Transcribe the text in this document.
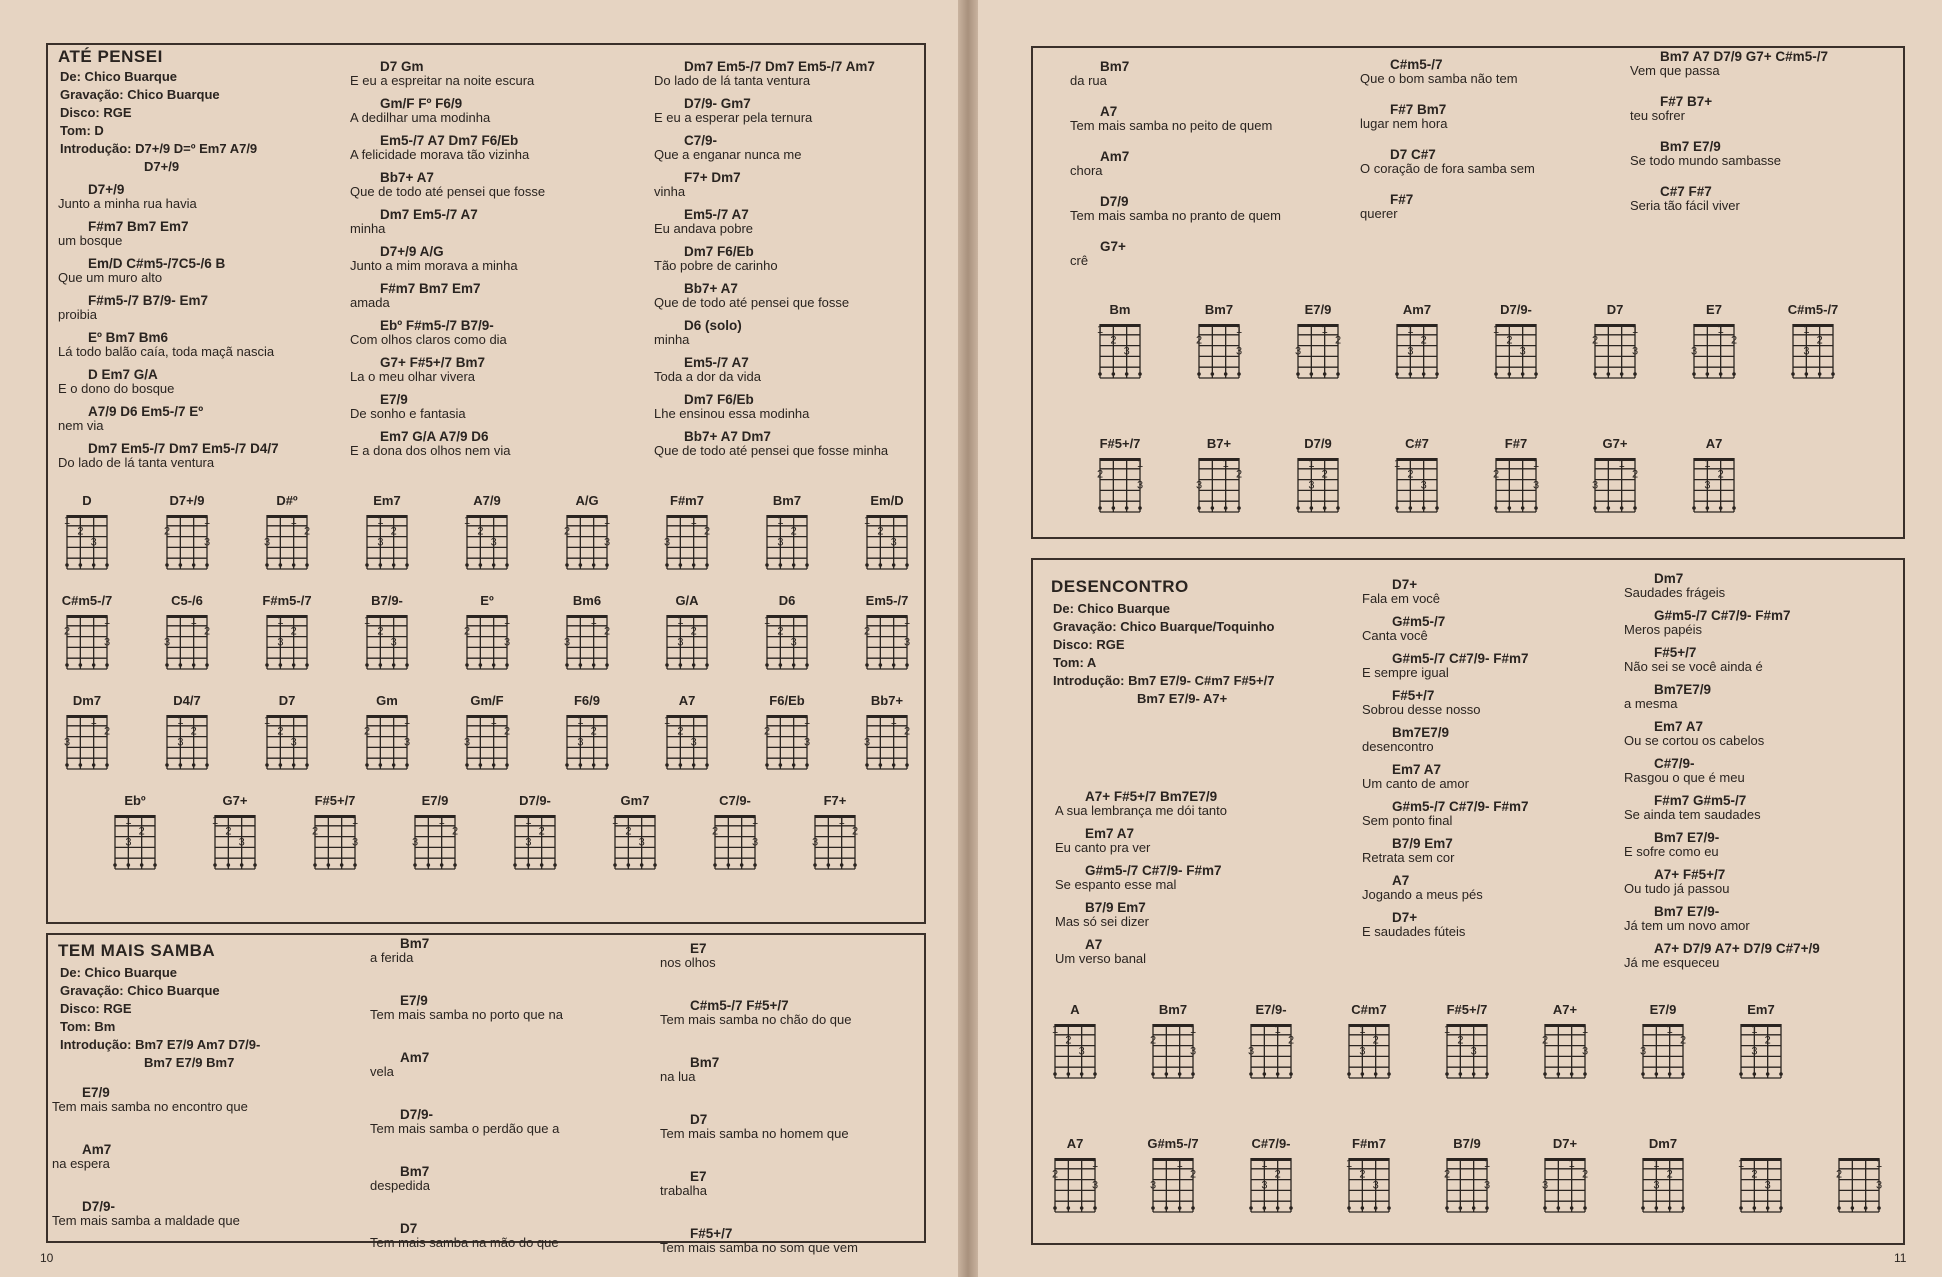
ATÉ PENSEI
TEM MAIS SAMBA
DESENCONTRO
10	11
De: Chico Buarque
Gravação: Chico Buarque
Disco: RGE
Tom: D
Introdução: D7+/9 D=º Em7 A7/9
D7+/9
D7+/9
Junto a minha rua havia
F#m7 Bm7 Em7
um bosque
Em/D C#m5-/7C5-/6 B
Que um muro alto
F#m5-/7 B7/9- Em7
proibia
Eº Bm7 Bm6
Lá todo balão caía, toda maçã nascia
D Em7 G/A
E o dono do bosque
A7/9 D6 Em5-/7 Eº
nem via
Dm7 Em5-/7 Dm7 Em5-/7 D4/7
Do lado de lá tanta ventura
D7 Gm
E eu a espreitar na noite escura
Gm/F Fº F6/9
A dedilhar uma modinha
Em5-/7 A7 Dm7 F6/Eb
A felicidade morava tão vizinha
Bb7+ A7
Que de todo até pensei que fosse
Dm7 Em5-/7 A7
minha
D7+/9 A/G
Junto a mim morava a minha
F#m7 Bm7 Em7
amada
Ebº F#m5-/7 B7/9-
Com olhos claros como dia
G7+ F#5+/7 Bm7
La o meu olhar vivera
E7/9
De sonho e fantasia
Em7 G/A A7/9 D6
E a dona dos olhos nem via
Dm7 Em5-/7 Dm7 Em5-/7 Am7
Do lado de lá tanta ventura
D7/9- Gm7
E eu a esperar pela ternura
C7/9-
Que a enganar nunca me
F7+ Dm7
vinha
Em5-/7 A7
Eu andava pobre
Dm7 F6/Eb
Tão pobre de carinho
Bb7+ A7
Que de todo até pensei que fosse
D6 (solo)
minha
Em5-/7 A7
Toda a dor da vida
Dm7 F6/Eb
Lhe ensinou essa modinha
Bb7+ A7 Dm7
Que de todo até pensei que fosse minha
D
1
2
3
D7+/9
1
2
3
D#º
1
2
3
Em7
1
2
3
A7/9
1
2
3
A/G
1
2
3
F#m7
1
2
3
Bm7
1
2
3
Em/D
1
2
3
C#m5-/7
1
2
3
C5-/6
1
2
3
F#m5-/7
1
2
3
B7/9-
1
2
3
Eº
1
2
3
Bm6
1
2
3
G/A
1
2
3
D6
1
2
3
Em5-/7
1
2
3
Dm7
1
2
3
D4/7
1
2
3
D7
1
2
3
Gm
1
2
3
Gm/F
1
2
3
F6/9
1
2
3
A7
1
2
3
F6/Eb
1
2
3
Bb7+
1
2
3
Ebº
1
2
3
G7+
1
2
3
F#5+/7
1
2
3
E7/9
1
2
3
D7/9-
1
2
3
Gm7
1
2
3
C7/9-
1
2
3
F7+
1
2
3
De: Chico Buarque
Gravação: Chico Buarque
Disco: RGE
Tom: Bm
Introdução: Bm7 E7/9 Am7 D7/9-
Bm7 E7/9 Bm7
E7/9
Tem mais samba no encontro que
Am7
na espera
D7/9-
Tem mais samba a maldade que
Bm7
a ferida
E7/9
Tem mais samba no porto que na
Am7
vela
D7/9-
Tem mais samba o perdão que a
Bm7
despedida
D7
Tem mais samba na mão do que
E7
nos olhos
C#m5-/7 F#5+/7
Tem mais samba no chão do que
Bm7
na lua
D7
Tem mais samba no homem que
E7
trabalha
F#5+/7
Tem mais samba no som que vem
Bm7
da rua
A7
Tem mais samba no peito de quem
Am7
chora
D7/9
Tem mais samba no pranto de quem
G7+
crê
C#m5-/7
Que o bom samba não tem
F#7 Bm7
lugar nem hora
D7 C#7
O coração de fora samba sem
F#7
querer
Bm7 A7 D7/9 G7+ C#m5-/7
Vem que passa
F#7 B7+
teu sofrer
Bm7 E7/9
Se todo mundo sambasse
C#7 F#7
Seria tão fácil viver
Bm
1
2
3
Bm7
1
2
3
E7/9
1
2
3
Am7
1
2
3
D7/9-
1
2
3
D7
1
2
3
E7
1
2
3
C#m5-/7
1
2
3
F#5+/7
1
2
3
B7+
1
2
3
D7/9
1
2
3
C#7
1
2
3
F#7
1
2
3
G7+
1
2
3
A7
1
2
3
De: Chico Buarque
Gravação: Chico Buarque/Toquinho
Disco: RGE
Tom: A
Introdução: Bm7 E7/9- C#m7 F#5+/7
Bm7 E7/9- A7+
A7+ F#5+/7 Bm7E7/9
A sua lembrança me dói tanto
Em7 A7
Eu canto pra ver
G#m5-/7 C#7/9- F#m7
Se espanto esse mal
B7/9 Em7
Mas só sei dizer
A7
Um verso banal
D7+
Fala em você
G#m5-/7
Canta você
G#m5-/7 C#7/9- F#m7
E sempre igual
F#5+/7
Sobrou desse nosso
Bm7E7/9
desencontro
Em7 A7
Um canto de amor
G#m5-/7 C#7/9- F#m7
Sem ponto final
B7/9 Em7
Retrata sem cor
A7
Jogando a meus pés
D7+
E saudades fúteis
Dm7
Saudades frágeis
G#m5-/7 C#7/9- F#m7
Meros papéis
F#5+/7
Não sei se você ainda é
Bm7E7/9
a mesma
Em7 A7
Ou se cortou os cabelos
C#7/9-
Rasgou o que é meu
F#m7 G#m5-/7
Se ainda tem saudades
Bm7 E7/9-
E sofre como eu
A7+ F#5+/7
Ou tudo já passou
Bm7 E7/9-
Já tem um novo amor
A7+ D7/9 A7+ D7/9 C#7+/9
Já me esqueceu
A
1
2
3
Bm7
1
2
3
E7/9-
1
2
3
C#m7
1
2
3
F#5+/7
1
2
3
A7+
1
2
3
E7/9
1
2
3
Em7
1
2
3
A7
1
2
3
G#m5-/7
1
2
3
C#7/9-
1
2
3
F#m7
1
2
3
B7/9
1
2
3
D7+
1
2
3
Dm7
1
2
3
1
2
3
1
2
3
